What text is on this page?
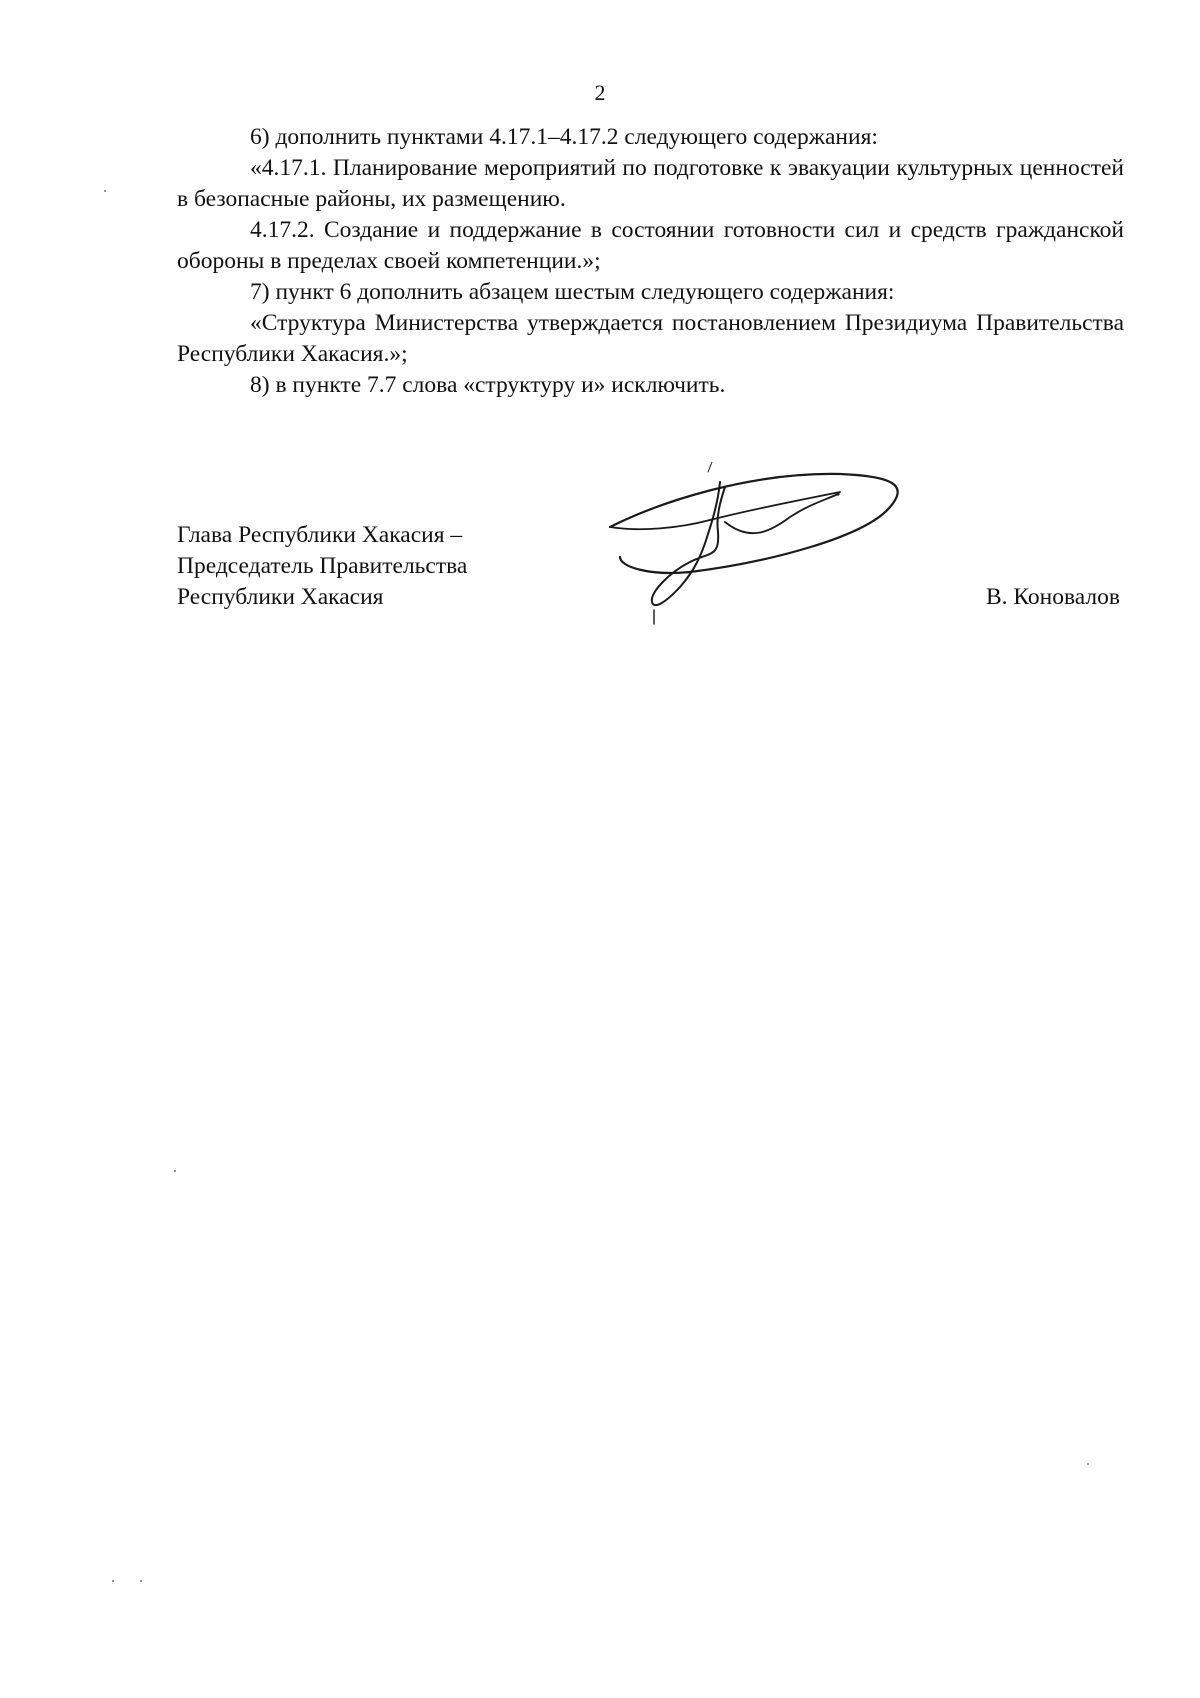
2

6) дополнить пунктами 4.17.1–4.17.2 следующего содержания:

«4.17.1. Планирование мероприятий по подготовке к эвакуации культурных ценностей в безопасные районы, их размещению.

4.17.2. Создание и поддержание в состоянии готовности сил и средств гражданской обороны в пределах своей компетенции.»;

7) пункт 6 дополнить абзацем шестым следующего содержания:

«Структура Министерства утверждается постановлением Президиума Правительства Республики Хакасия.»;

8) в пункте 7.7 слова «структуру и» исключить.

Глава Республики Хакасия –
Председатель Правительства
Республики Хакасия	В. Коновалов
